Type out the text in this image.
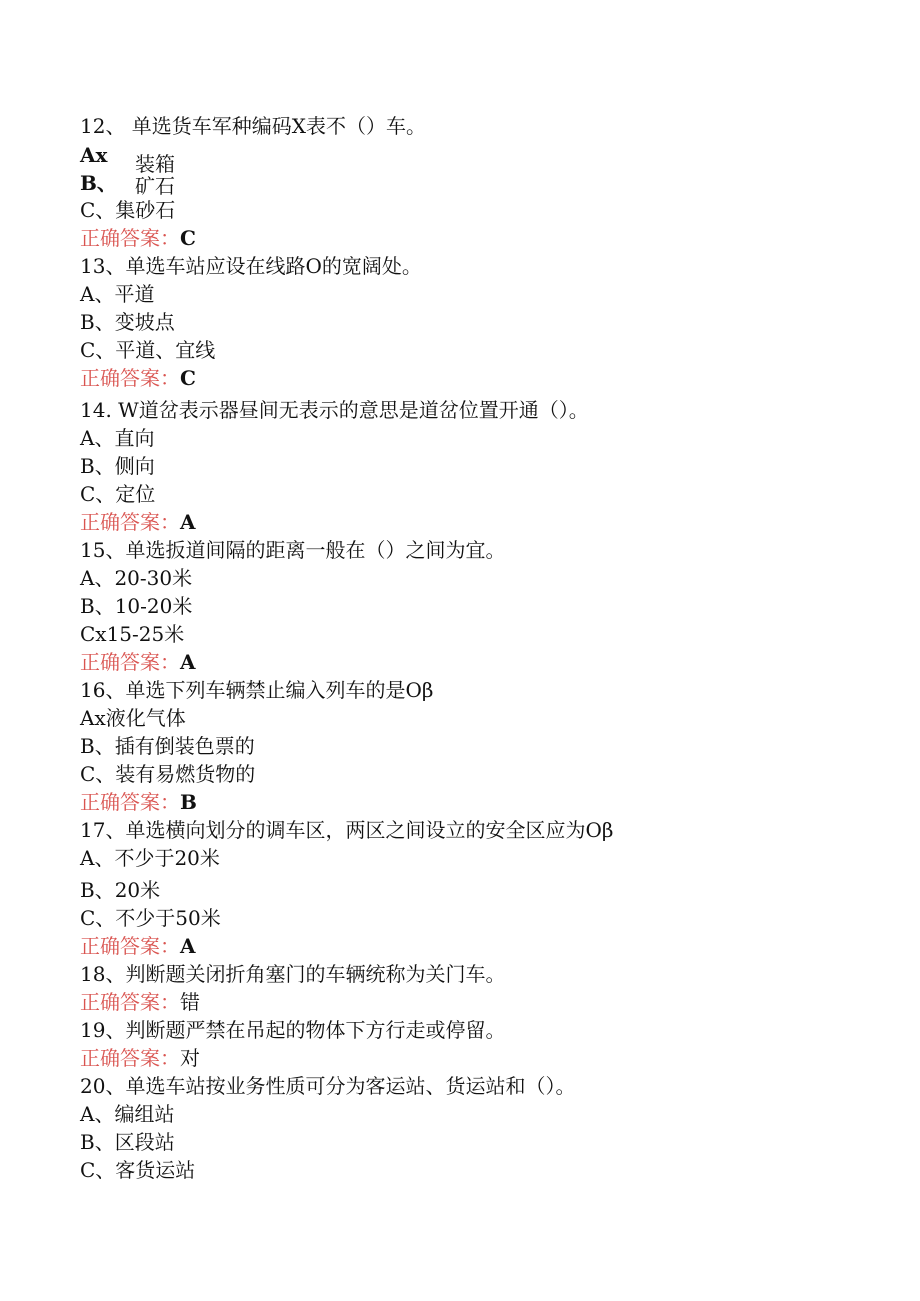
12、 单选货车军种编码X表不（）车。
Ax 装箱
B、 矿石
C、集砂石
正确答案：C
13、单选车站应设在线路O的宽阔处。
A、平道
B、变坡点
C、平道、宜线
正确答案：C
14. W道岔表示器昼间无表示的意思是道岔位置开通（）。
A、直向
B、侧向
C、定位
正确答案：A
15、单选扳道间隔的距离一般在（）之间为宜。
A、20-30米
B、10-20米
Cx15-25米
正确答案：A
16、单选下列车辆禁止编入列车的是Oβ
Ax液化气体
B、插有倒装色票的
C、装有易燃货物的
正确答案：B
17、单选横向划分的调车区，两区之间设立的安全区应为Oβ
A、不少于20米
B、20米
C、不少于50米
正确答案：A
18、判断题关闭折角塞门的车辆统称为关门车。
正确答案：错
19、判断题严禁在吊起的物体下方行走或停留。
正确答案：对
20、单选车站按业务性质可分为客运站、货运站和（）。
A、编组站
B、区段站
C、客货运站
